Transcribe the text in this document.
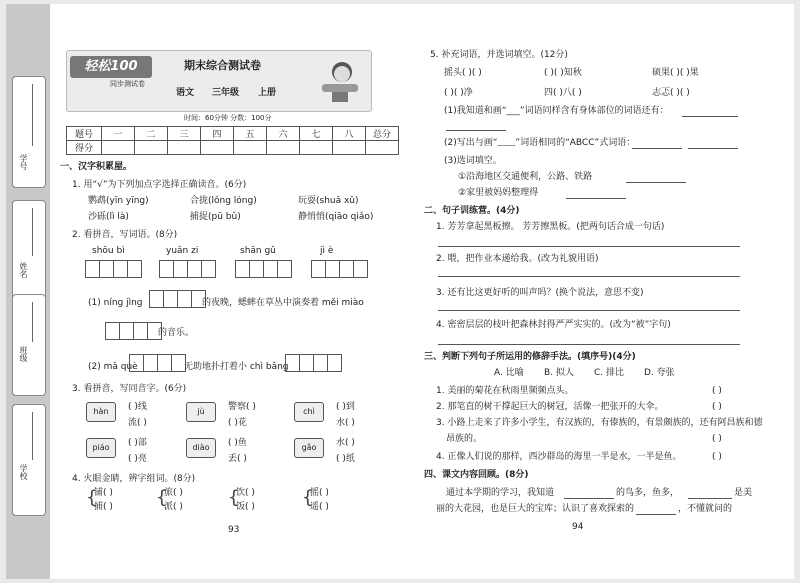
学号
姓名
班级
学校
轻松100
同步测试卷
期末综合测试卷
语文 三年级 上册
时间：60分钟 分数：100分
题号	一	二	三	四	五	六	七	八	总分
得分									
一、汉字积累屋。
1. 用“√”为下列加点字选择正确读音。(6分)
鹦鹉(yīn yīng)	合拢(lǒng lóng)	玩耍(shuǎ xǔ)
沙砾(lì là)	捕捉(pū bǔ)	静悄悄(qiāo qiǎo)
2. 看拼音，写词语。(8分)
shōu bì	yuǎn zi	shān gǔ	jì è
(1) níng jìng	的夜晚，蟋蟀在草丛中演奏着 měi miào
的音乐。
(2) mǎ què	无助地扑打着小 chì bǎng
3. 看拼音，写同音字。(6分)
hàn	jù	chì
piáo	diào	gǎo
( )线	警察( )	( )到
流( )	( )花	水( )
( )部	( )鱼	水( )
( )亮	丢( )	( )纸
4. 火眼金睛，辨字组词。(8分)
{	{	{	{
铺( )	旅( )	饮( )	摇( )
捕( )	派( )	饭( )	遥( )
93
5. 补充词语，并选词填空。(12分)
摇头( )( )	( )( )知秋	硕果( )( )果
( )( )净	四( )八( )	志忑( )( )
(1)我知道和画“___”词语同样含有身体部位的词语还有：
(2)写出与画“﹏﹏”词语相同的“ABCC”式词语：
(3)选词填空。
①沿海地区交通便利，公路、铁路
②家里被妈妈整理得
二、句子训练营。(4分)
1. 芳芳拿起黑板擦。 芳芳擦黑板。(把两句话合成一句话)
2. 喂，把作业本递给我。(改为礼貌用语)
3. 还有比这更好听的叫声吗？(换个说法，意思不变)
4. 密密层层的枝叶把森林封得严严实实的。(改为“被”字句)
三、判断下列句子所运用的修辞手法。(填序号)(4分)
A. 比喻 B. 拟人 C. 排比 D. 夸张
1. 美丽的菊花在秋雨里频频点头。
2. 那笔直的树干撑起巨大的树冠，活像一把张开的大伞。
3. 小路上走来了许多小学生，有汉族的，有傣族的，有景颇族的，还有阿昌族和德
昂族的。
4. 正像人们说的那样，西沙群岛的海里一半是水，一半是鱼。
( )
( )
( )
( )
四、课文内容回顾。(8分)
通过本学期的学习，我知道	的鸟多，鱼多，	是美
丽的大花园，也是巨大的宝库；认识了喜欢探索的	，不懂就问的
94
